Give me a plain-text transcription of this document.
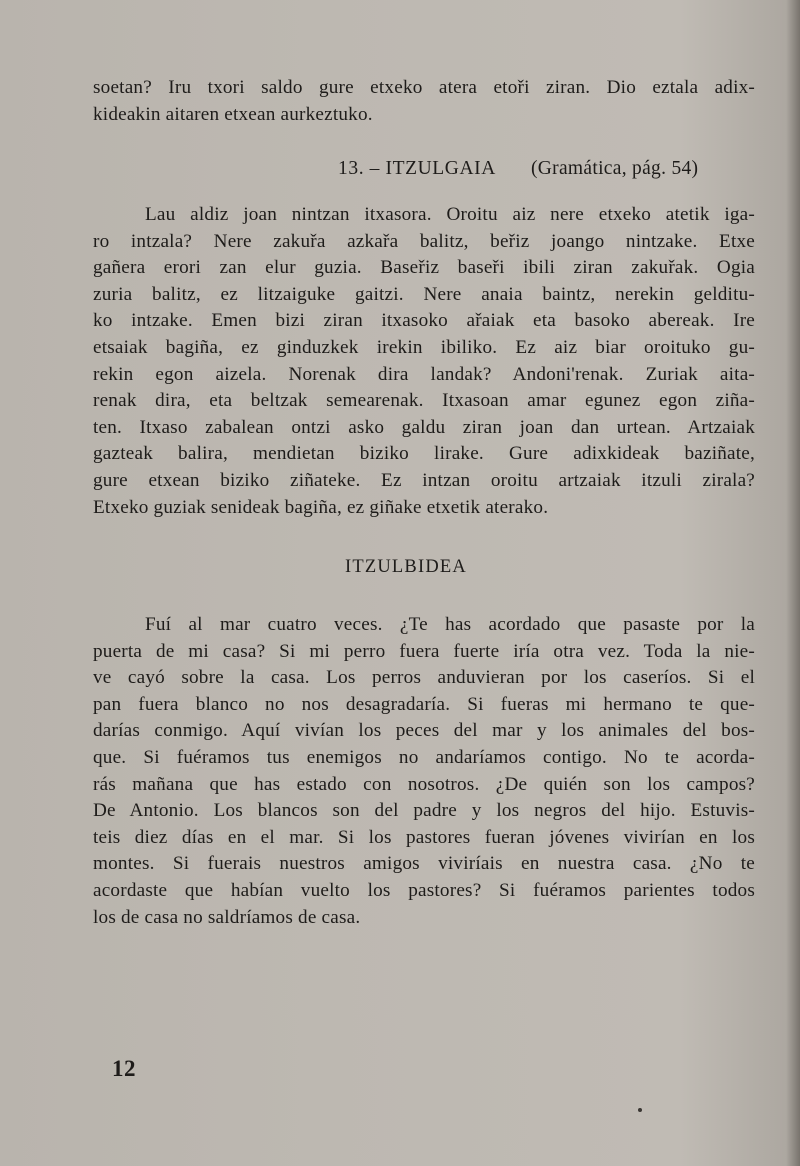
soetan? Iru txori saldo gure etxeko atera etoři ziran. Dio eztala adix-
kideakin aitaren etxean aurkeztuko.
13. – ITZULGAIA (Gramática, pág. 54)
Lau aldiz joan nintzan itxasora. Oroitu aiz nere etxeko atetik iga-
ro intzala? Nere zakuřa azkařa balitz, beřiz joango nintzake. Etxe
gañera erori zan elur guzia. Baseřiz baseři ibili ziran zakuřak. Ogia
zuria balitz, ez litzaiguke gaitzi. Nere anaia baintz, nerekin gelditu-
ko intzake. Emen bizi ziran itxasoko ařaiak eta basoko abereak. Ire
etsaiak bagiña, ez ginduzkek irekin ibiliko. Ez aiz biar oroituko gu-
rekin egon aizela. Norenak dira landak? Andoni'renak. Zuriak aita-
renak dira, eta beltzak semearenak. Itxasoan amar egunez egon ziña-
ten. Itxaso zabalean ontzi asko galdu ziran joan dan urtean. Artzaiak
gazteak balira, mendietan biziko lirake. Gure adixkideak baziñate,
gure etxean biziko ziñateke. Ez intzan oroitu artzaiak itzuli zirala?
Etxeko guziak senideak bagiña, ez giñake etxetik aterako.
ITZULBIDEA
Fuí al mar cuatro veces. ¿Te has acordado que pasaste por la
puerta de mi casa? Si mi perro fuera fuerte iría otra vez. Toda la nie-
ve cayó sobre la casa. Los perros anduvieran por los caseríos. Si el
pan fuera blanco no nos desagradaría. Si fueras mi hermano te que-
darías conmigo. Aquí vivían los peces del mar y los animales del bos-
que. Si fuéramos tus enemigos no andaríamos contigo. No te acorda-
rás mañana que has estado con nosotros. ¿De quién son los campos?
De Antonio. Los blancos son del padre y los negros del hijo. Estuvis-
teis diez días en el mar. Si los pastores fueran jóvenes vivirían en los
montes. Si fuerais nuestros amigos viviríais en nuestra casa. ¿No te
acordaste que habían vuelto los pastores? Si fuéramos parientes todos
los de casa no saldríamos de casa.
12
